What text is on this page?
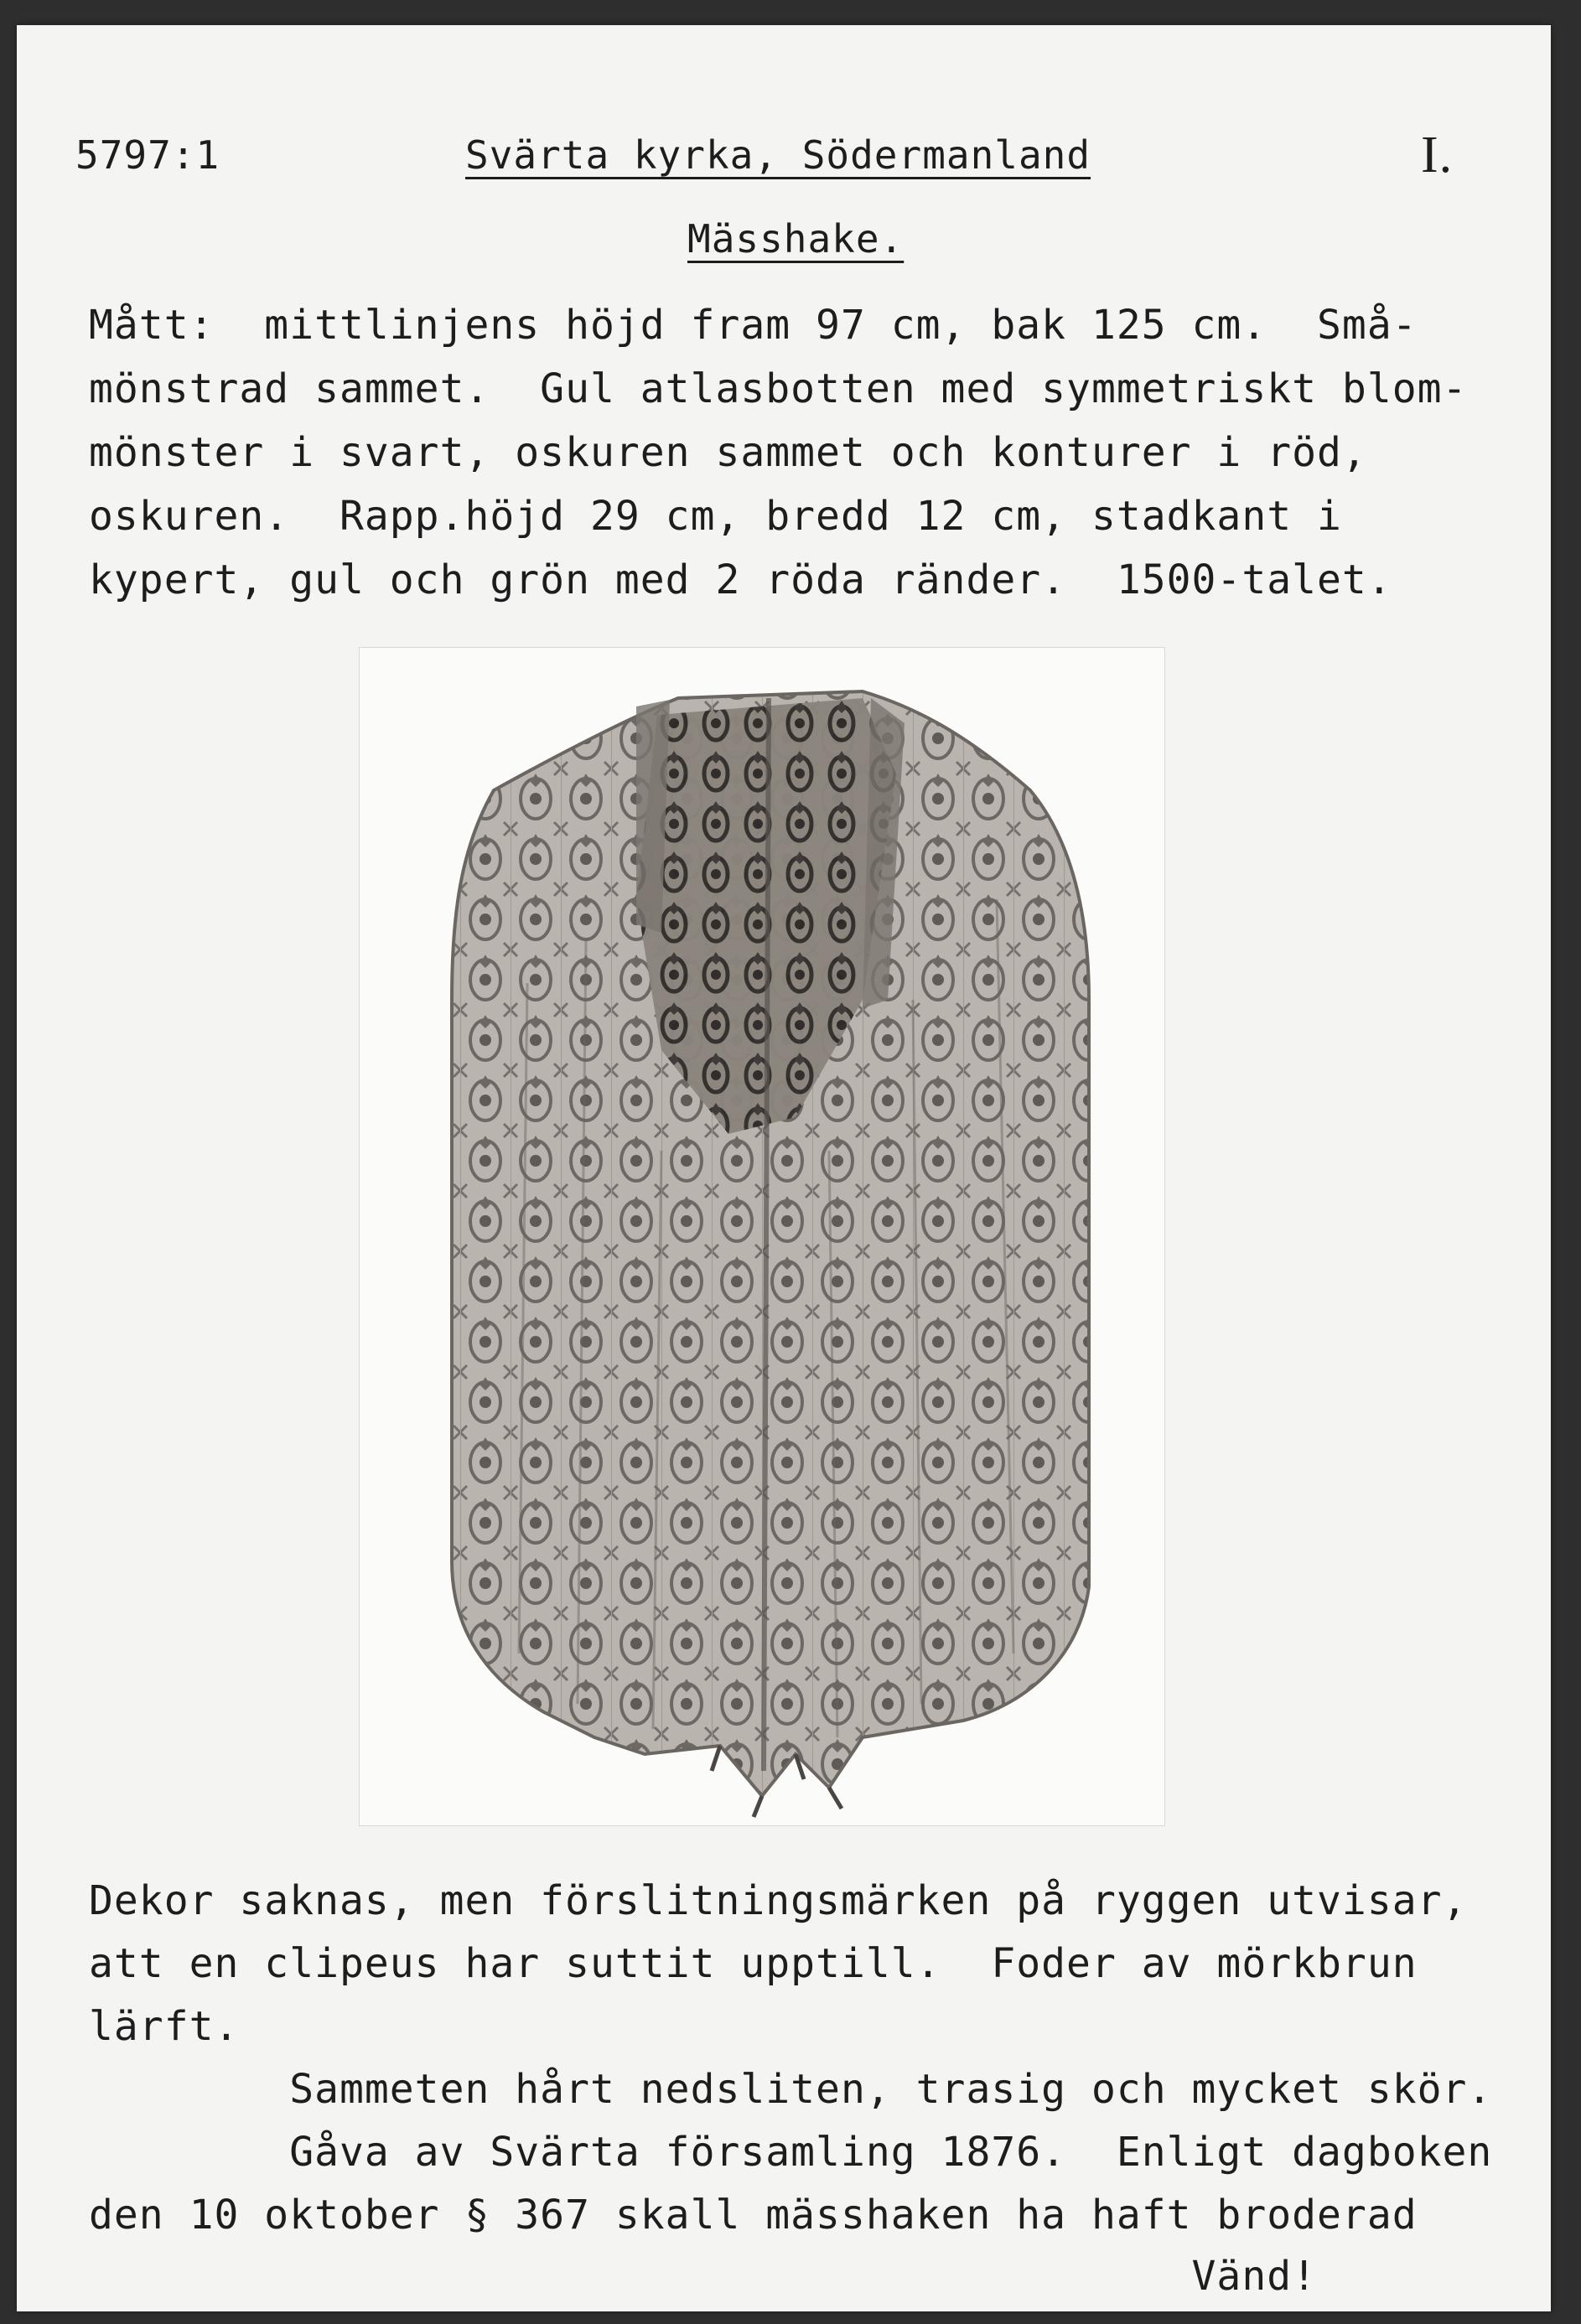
5797:1	Svärta kyrka, Södermanland	I.
Mässhake.
Mått:  mittlinjens höjd fram 97 cm, bak 125 cm.  Små-
mönstrad sammet.  Gul atlasbotten med symmetriskt blom-
mönster i svart, oskuren sammet och konturer i röd,
oskuren.  Rapp.höjd 29 cm, bredd 12 cm, stadkant i
kypert, gul och grön med 2 röda ränder.  1500-talet.
Dekor saknas, men förslitningsmärken på ryggen utvisar,
att en clipeus har suttit upptill.  Foder av mörkbrun
lärft.
Sammeten hårt nedsliten, trasig och mycket skör.
Gåva av Svärta församling 1876.  Enligt dagboken
den 10 oktober § 367 skall mässhaken ha haft broderad
Vänd!
